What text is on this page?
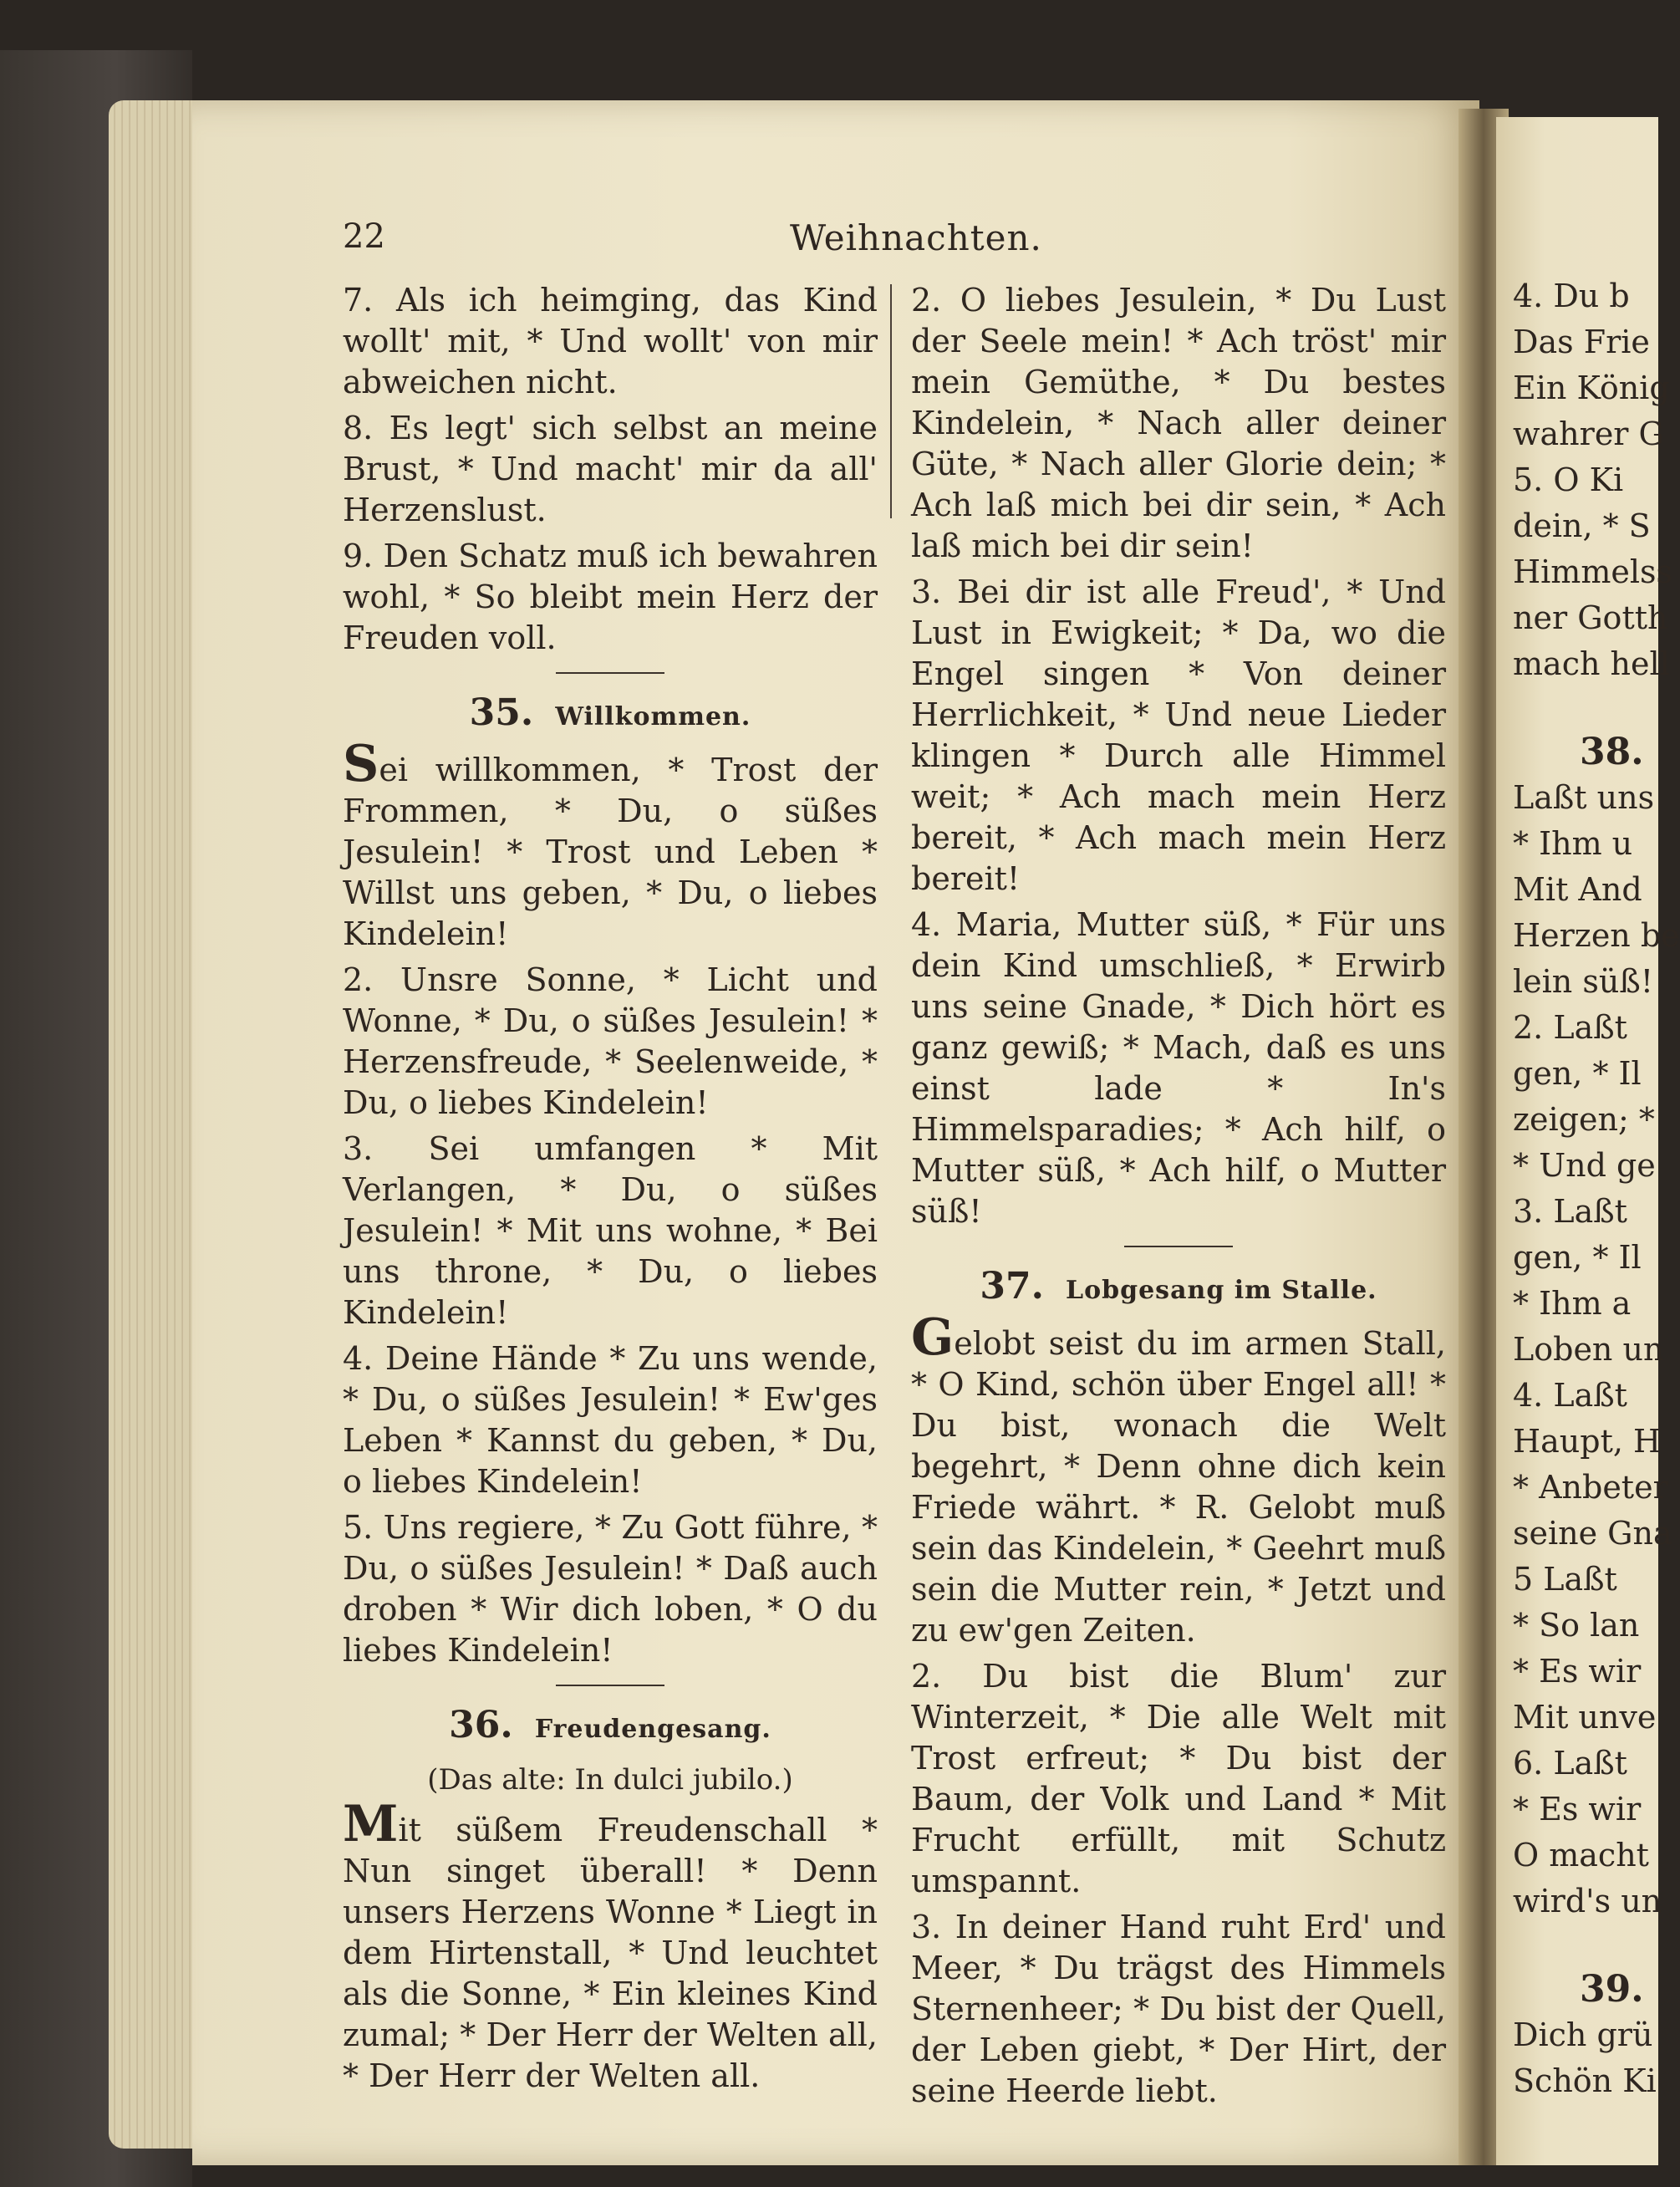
22	Weihnachten.

7. Als ich heimging, das Kind wollt' mit, * Und wollt' von mir abweichen nicht.

8. Es legt' sich selbst an meine Brust, * Und macht' mir da all' Herzenslust.

9. Den Schatz muß ich bewahren wohl, * So bleibt mein Herz der Freuden voll.

35. Willkommen.

Sei willkommen, * Trost der Frommen, * Du, o süßes Jesulein! * Trost und Leben * Willst uns geben, * Du, o liebes Kindelein!

2. Unsre Sonne, * Licht und Wonne, * Du, o süßes Jesulein! * Herzensfreude, * Seelenweide, * Du, o liebes Kindelein!

3. Sei umfangen * Mit Verlangen, * Du, o süßes Jesulein! * Mit uns wohne, * Bei uns throne, * Du, o liebes Kindelein!

4. Deine Hände * Zu uns wende, * Du, o süßes Jesulein! * Ew'ges Leben * Kannst du geben, * Du, o liebes Kindelein!

5. Uns regiere, * Zu Gott führe, * Du, o süßes Jesulein! * Daß auch droben * Wir dich loben, * O du liebes Kindelein!

36. Freudengesang.
(Das alte: In dulci jubilo.)

Mit süßem Freudenschall * Nun singet überall! * Denn unsers Herzens Wonne * Liegt in dem Hirtenstall, * Und leuchtet als die Sonne, * Ein kleines Kind zumal; * Der Herr der Welten all, * Der Herr der Welten all.

2. O liebes Jesulein, * Du Lust der Seele mein! * Ach tröst' mir mein Gemüthe, * Du bestes Kindelein, * Nach aller deiner Güte, * Nach aller Glorie dein; * Ach laß mich bei dir sein, * Ach laß mich bei dir sein!

3. Bei dir ist alle Freud', * Und Lust in Ewigkeit; * Da, wo die Engel singen * Von deiner Herrlichkeit, * Und neue Lieder klingen * Durch alle Himmel weit; * Ach mach mein Herz bereit, * Ach mach mein Herz bereit!

4. Maria, Mutter süß, * Für uns dein Kind umschließ, * Erwirb uns seine Gnade, * Dich hört es ganz gewiß; * Mach, daß es uns einst lade * In's Himmelsparadies; * Ach hilf, o Mutter süß, * Ach hilf, o Mutter süß!

37. Lobgesang im Stalle.

Gelobt seist du im armen Stall, * O Kind, schön über Engel all! * Du bist, wonach die Welt begehrt, * Denn ohne dich kein Friede währt. * R. Gelobt muß sein das Kindelein, * Geehrt muß sein die Mutter rein, * Jetzt und zu ew'gen Zeiten.

2. Du bist die Blum' zur Winterzeit, * Die alle Welt mit Trost erfreut; * Du bist der Baum, der Volk und Land * Mit Frucht erfüllt, mit Schutz umspannt.

3. In deiner Hand ruht Erd' und Meer, * Du trägst des Himmels Sternenheer; * Du bist der Quell, der Leben giebt, * Der Hirt, der seine Heerde liebt.

4. Du b

Das Frie

Ein König

wahrer G

5. O Ki

dein, * S

Himmelss

ner Gotth

mach hell

38.

Laßt uns

* Ihm u

Mit And

Herzen be

lein süß!

2. Laßt

gen, * Il

zeigen; *

* Und ge

3. Laßt

gen, * Il

* Ihm a

Loben un

4. Laßt

Haupt, H

* Anbeter

seine Gna

5 Laßt

* So lan

* Es wir

Mit unve

6. Laßt

* Es wir

O macht

wird's un

39.

Dich grü

Schön Ki
